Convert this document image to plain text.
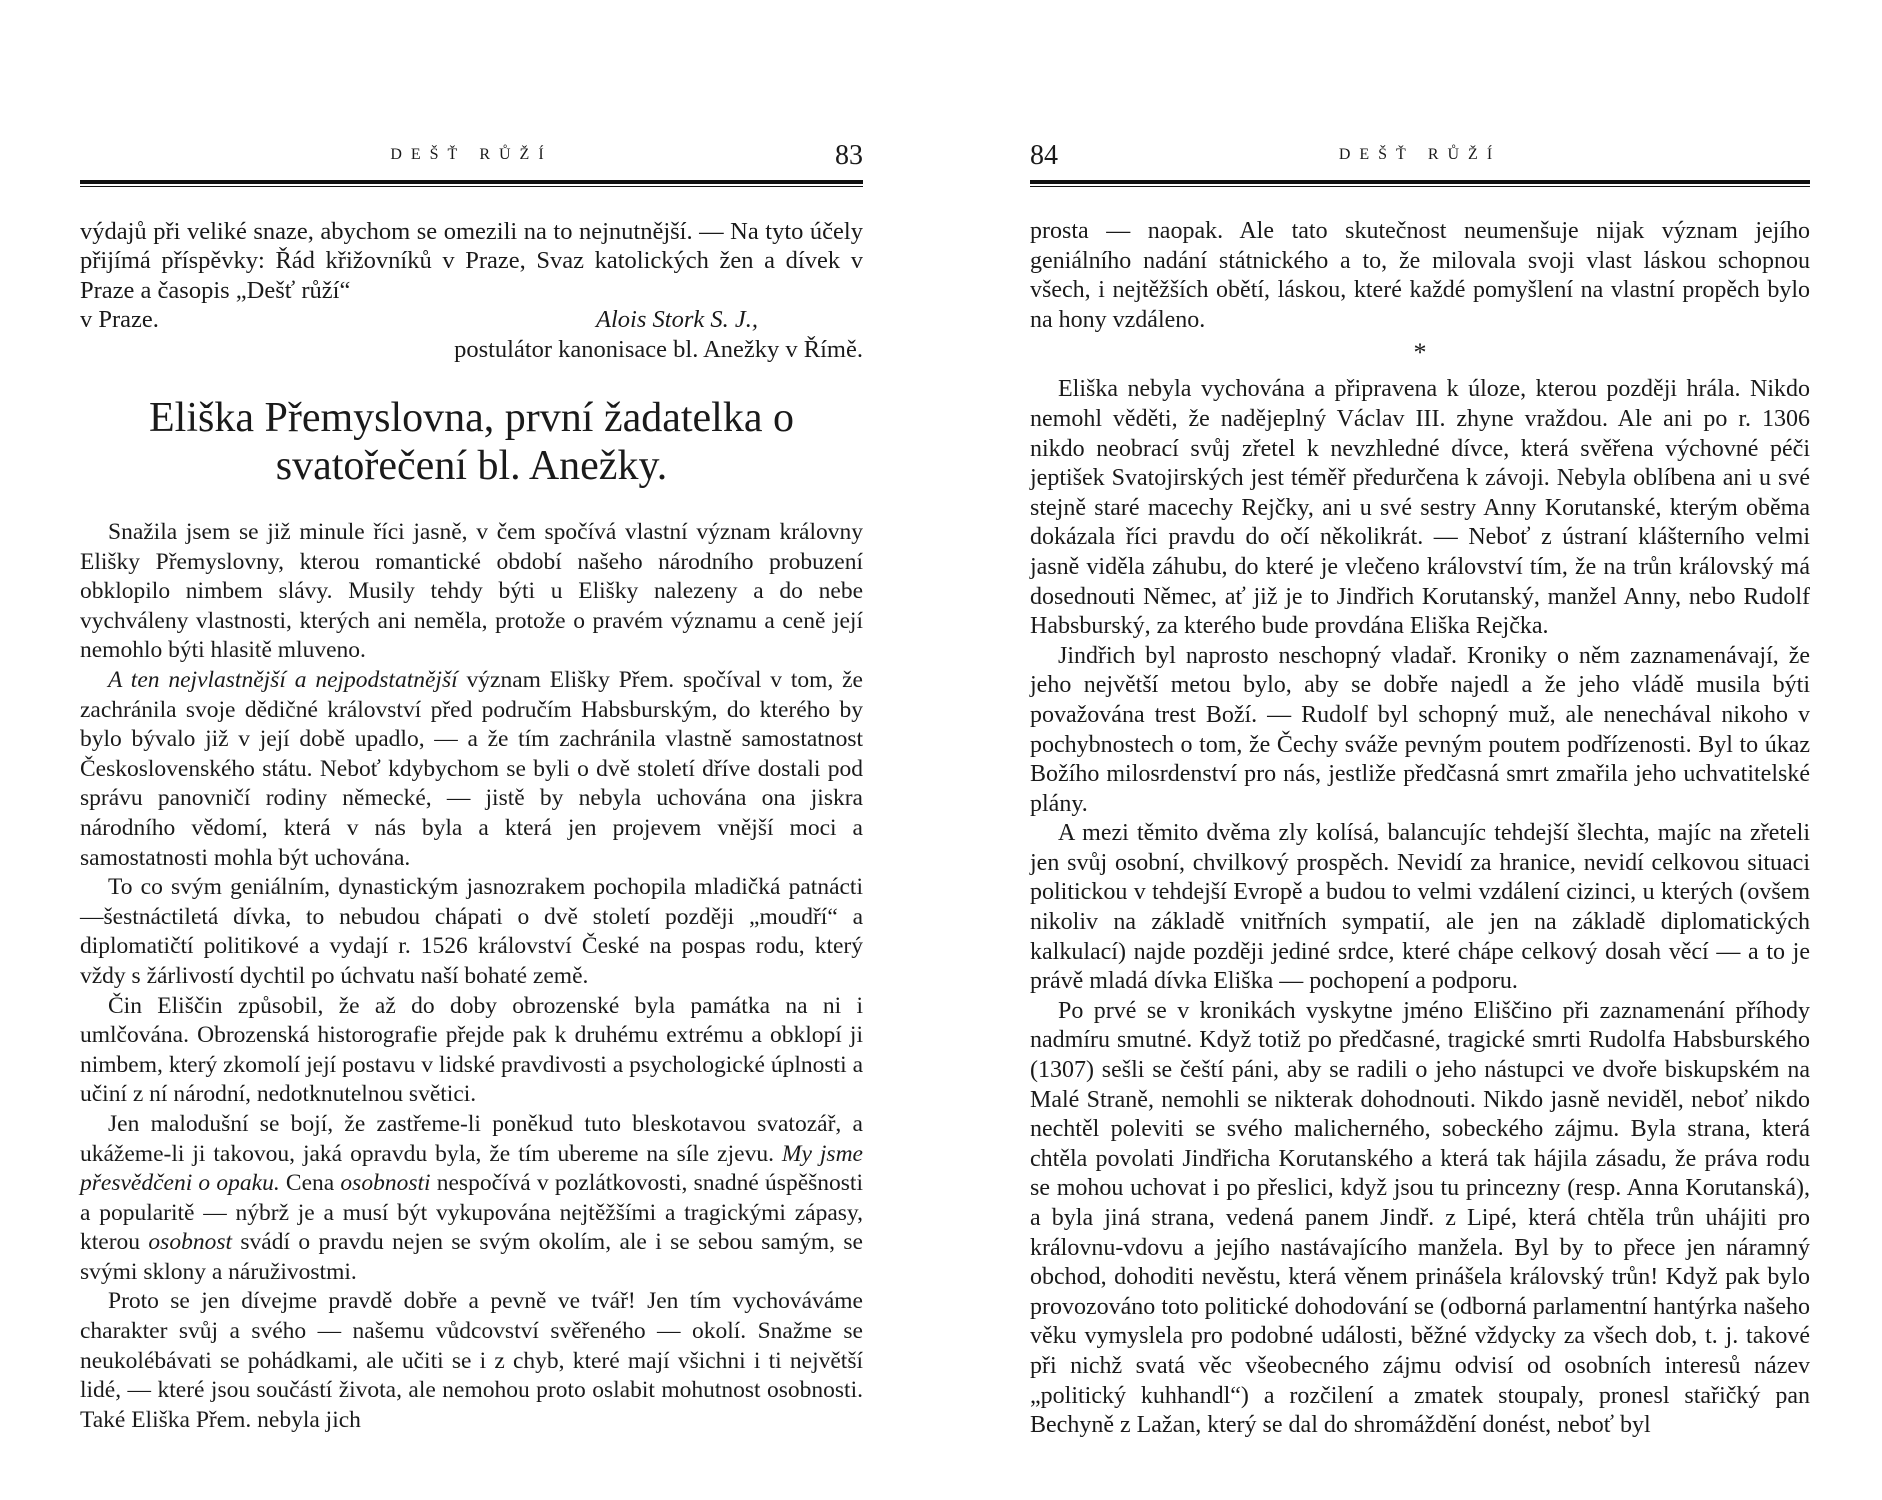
DEŠŤ RŮŽÍ	83

výdajů při veliké snaze, abychom se omezili na to nejnutnější. — Na tyto účely přijímá příspěvky: Řád křižovníků v Praze, Svaz katolických žen a dívek v Praze a časopis „Dešť růží“

v Praze.	Alois Stork S. J.,

postulátor kanonisace bl. Anežky v Římě.

Eliška Přemyslovna, první žadatelka o svatořečení bl. Anežky.

Snažila jsem se již minule říci jasně, v čem spočívá vlastní význam královny Elišky Přemyslovny, kterou romantické období našeho národního probuzení obklopilo nimbem slávy. Musily tehdy býti u Elišky nalezeny a do nebe vychváleny vlastnosti, kterých ani neměla, protože o pravém významu a ceně její nemohlo býti hlasitě mluveno.

A ten nejvlastnější a nejpodstatnější význam Elišky Přem. spočíval v tom, že zachránila svoje dědičné království před područím Habsburským, do kterého by bylo bývalo již v její době upadlo, — a že tím zachránila vlastně samostatnost Československého státu. Neboť kdybychom se byli o dvě století dříve dostali pod správu panovničí rodiny německé, — jistě by nebyla uchována ona jiskra národního vědomí, která v nás byla a která jen projevem vnější moci a samostatnosti mohla být uchována.

To co svým geniálním, dynastickým jasnozrakem pochopila mladičká patnácti—šestnáctiletá dívka, to nebudou chápati o dvě století později „moudří“ a diplomatičtí politikové a vydají r. 1526 království České na pospas rodu, který vždy s žárlivostí dychtil po úchvatu naší bohaté země.

Čin Eliščin způsobil, že až do doby obrozenské byla památka na ni i umlčována. Obrozenská historografie přejde pak k druhému extrému a obklopí ji nimbem, který zkomolí její postavu v lidské pravdivosti a psychologické úplnosti a učiní z ní národní, nedotknutelnou světici.

Jen malodušní se bojí, že zastřeme-li poněkud tuto bleskotavou svatozář, a ukážeme-li ji takovou, jaká opravdu byla, že tím ubereme na síle zjevu. My jsme přesvědčeni o opaku. Cena osobnosti nespočívá v pozlátkovosti, snadné úspěšnosti a popularitě — nýbrž je a musí být vykupována nejtěžšími a tragickými zápasy, kterou osobnost svádí o pravdu nejen se svým okolím, ale i se sebou samým, se svými sklony a náruživostmi.

Proto se jen dívejme pravdě dobře a pevně ve tvář! Jen tím vychováváme charakter svůj a svého — našemu vůdcovství svěřeného — okolí. Snažme se neukolébávati se pohádkami, ale učiti se i z chyb, které mají všichni i ti největší lidé, — které jsou součástí života, ale nemohou proto oslabit mohutnost osobnosti. Také Eliška Přem. nebyla jich

84	DEŠŤ RŮŽÍ

prosta — naopak. Ale tato skutečnost neumenšuje nijak význam jejího geniálního nadání státnického a to, že milovala svoji vlast láskou schopnou všech, i nejtěžších obětí, láskou, které každé pomyšlení na vlastní propěch bylo na hony vzdáleno.

*

Eliška nebyla vychována a připravena k úloze, kterou později hrála. Nikdo nemohl věděti, že nadějeplný Václav III. zhyne vraždou. Ale ani po r. 1306 nikdo neobrací svůj zřetel k nevzhledné dívce, která svěřena výchovné péči jeptišek Svatojirských jest téměř předurčena k závoji. Nebyla oblíbena ani u své stejně staré macechy Rejčky, ani u své sestry Anny Korutanské, kterým oběma dokázala říci pravdu do očí několikrát. — Neboť z ústraní klášterního velmi jasně viděla záhubu, do které je vlečeno království tím, že na trůn královský má dosednouti Němec, ať již je to Jindřich Korutanský, manžel Anny, nebo Rudolf Habsburský, za kterého bude provdána Eliška Rejčka.

Jindřich byl naprosto neschopný vladař. Kroniky o něm zaznamenávají, že jeho největší metou bylo, aby se dobře najedl a že jeho vládě musila býti považována trest Boží. — Rudolf byl schopný muž, ale nenechával nikoho v pochybnostech o tom, že Čechy sváže pevným poutem podřízenosti. Byl to úkaz Božího milosrdenství pro nás, jestliže předčasná smrt zmařila jeho uchvatitelské plány.

A mezi těmito dvěma zly kolísá, balancujíc tehdejší šlechta, majíc na zřeteli jen svůj osobní, chvilkový prospěch. Nevidí za hranice, nevidí celkovou situaci politickou v tehdejší Evropě a budou to velmi vzdálení cizinci, u kterých (ovšem nikoliv na základě vnitřních sympatií, ale jen na základě diplomatických kalkulací) najde později jediné srdce, které chápe celkový dosah věcí — a to je právě mladá dívka Eliška — pochopení a podporu.

Po prvé se v kronikách vyskytne jméno Eliščino při zaznamenání příhody nadmíru smutné. Když totiž po předčasné, tragické smrti Rudolfa Habsburského (1307) sešli se čeští páni, aby se radili o jeho nástupci ve dvoře biskupském na Malé Straně, nemohli se nikterak dohodnouti. Nikdo jasně neviděl, neboť nikdo nechtěl poleviti se svého malicherného, sobeckého zájmu. Byla strana, která chtěla povolati Jindřicha Korutanského a která tak hájila zásadu, že práva rodu se mohou uchovat i po přeslici, když jsou tu princezny (resp. Anna Korutanská), a byla jiná strana, vedená panem Jindř. z Lipé, která chtěla trůn uhájiti pro královnu-vdovu a jejího nastávajícího manžela. Byl by to přece jen náramný obchod, dohoditi nevěstu, která věnem prinášela královský trůn! Když pak bylo provozováno toto politické dohodování se (odborná parlamentní hantýrka našeho věku vymyslela pro podobné události, běžné vždycky za všech dob, t. j. takové při nichž svatá věc všeobecného zájmu odvisí od osobních interesů název „politický kuhhandl“) a rozčilení a zmatek stoupaly, pronesl stařičký pan Bechyně z Lažan, který se dal do shromáždění donést, neboť byl
